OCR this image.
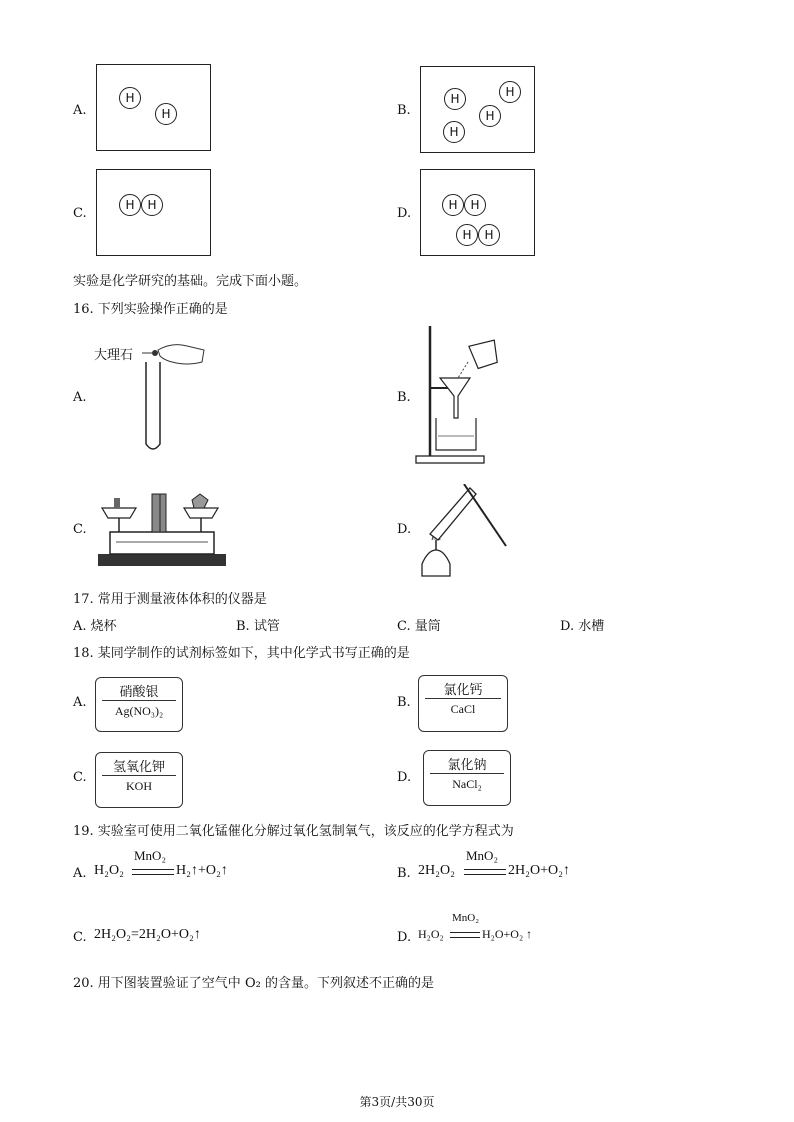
A.
H
H	B.
H	H
H
H
C.
H	H
D.
H	H
H	H
实验是化学研究的基础。完成下面小题。
16. 下列实验操作正确的是
A.
大理石
B.
C.	D.
17. 常用于测量液体体积的仪器是
A. 烧杯	B. 试管	C. 量筒	D. 水槽
18. 某同学制作的试剂标签如下，其中化学式书写正确的是
A.
硝酸银
Ag(NO₃)₂
B.
氯化钙
CaCl
C.
氢氧化钾
KOH
D.
氯化钠
NaCl₂
19. 实验室可使用二氧化锰催化分解过氧化氢制氧气，该反应的化学方程式为
A. H₂O₂
MnO₂
H₂↑+O₂↑	B. 2H₂O₂
MnO₂
2H₂O+O₂↑
C. 2H₂O₂=2H₂O+O₂↑	D. H₂O₂
MnO₂
H₂O+O₂ ↑
20. 用下图装置验证了空气中 O₂ 的含量。下列叙述不正确的是
第3页/共30页
